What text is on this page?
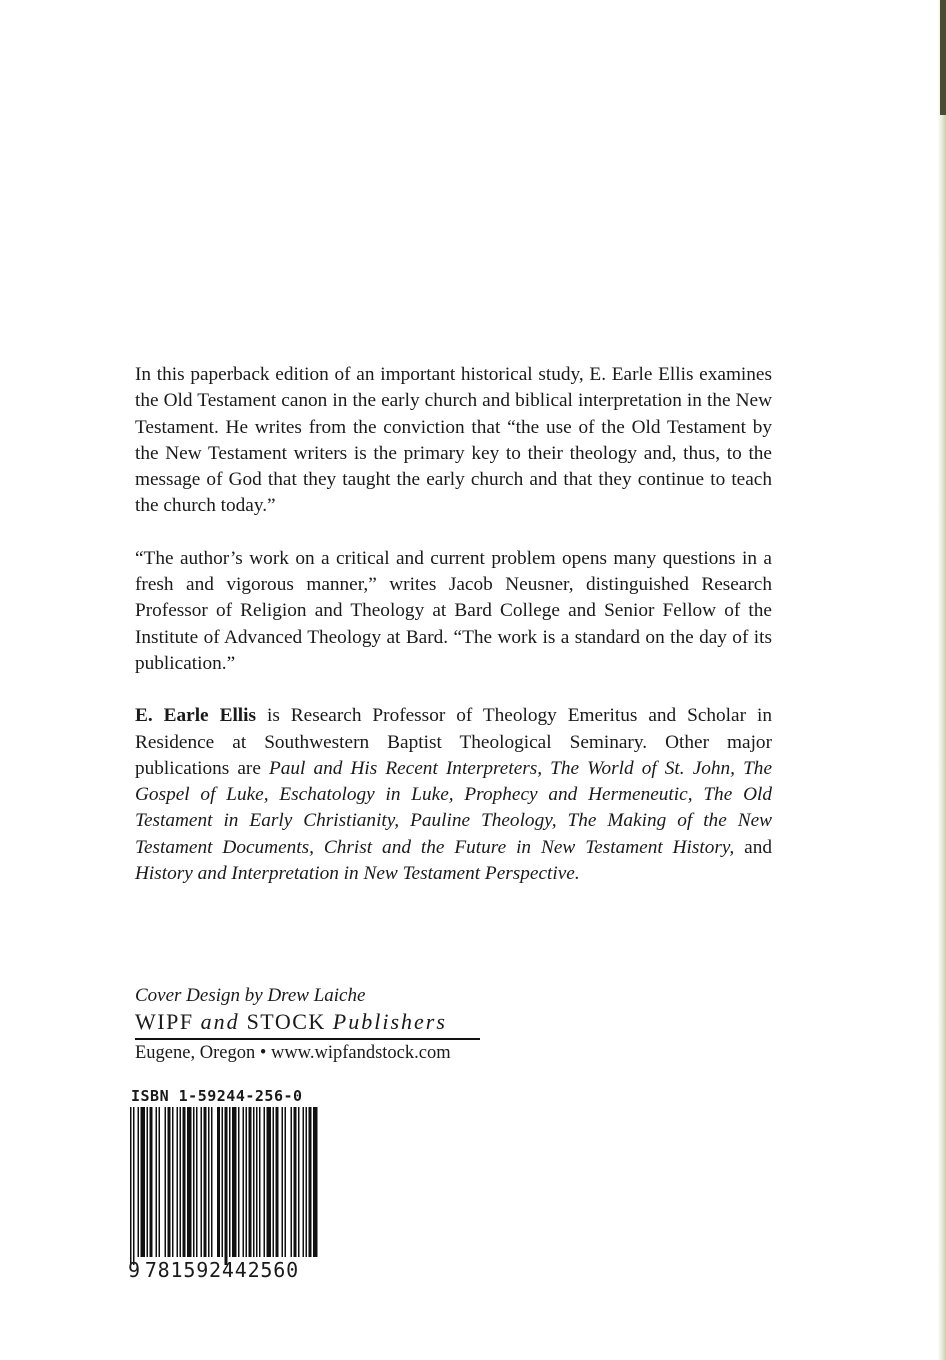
In this paperback edition of an important historical study, E. Earle Ellis examines the Old Testament canon in the early church and biblical interpretation in the New Testament. He writes from the conviction that “the use of the Old Testament by the New Testament writers is the primary key to their theology and, thus, to the message of God that they taught the early church and that they continue to teach the church today.”

“The author’s work on a critical and current problem opens many questions in a fresh and vigorous manner,” writes Jacob Neusner, distinguished Research Professor of Religion and Theology at Bard College and Senior Fellow of the Institute of Advanced Theology at Bard. “The work is a standard on the day of its publication.”

E. Earle Ellis is Research Professor of Theology Emeritus and Scholar in Residence at Southwestern Baptist Theological Seminary. Other major publications are Paul and His Recent Interpreters, The World of St. John, The Gospel of Luke, Eschatology in Luke, Prophecy and Hermeneutic, The Old Testament in Early Christianity, Pauline Theology, The Making of the New Testament Documents, Christ and the Future in New Testament History, and History and Interpretation in New Testament Perspective.

Cover Design by Drew Laiche
WIPF and STOCK Publishers
Eugene, Oregon • www.wipfandstock.com
ISBN 1-59244-256-0
9 781592442560
